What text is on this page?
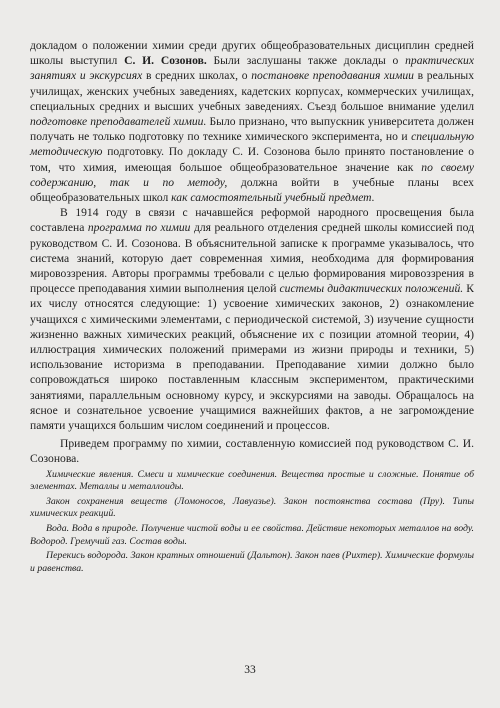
докладом о положении химии среди других общеобразовательных дисциплин средней школы выступил С. И. Созонов. Были заслушаны также доклады о практических занятиях и экскурсиях в средних школах, о постановке преподавания химии в реальных училищах, женских учебных заведениях, кадетских корпусах, коммерческих училищах, специальных средних и высших учебных заведениях. Съезд большое внимание уделил подготовке преподавателей химии. Было признано, что выпускник университета должен получать не только подготовку по технике химического эксперимента, но и специальную методическую подготовку. По докладу С. И. Созонова было принято постановление о том, что химия, имеющая большое общеобразовательное значение как по своему содержанию, так и по методу, должна войти в учебные планы всех общеобразовательных школ как самостоятельный учебный предмет.

В 1914 году в связи с начавшейся реформой народного просвещения была составлена программа по химии для реального отделения средней школы комиссией под руководством С. И. Созонова. В объяснительной записке к программе указывалось, что система знаний, которую дает современная химия, необходима для формирования мировоззрения. Авторы программы требовали с целью формирования мировоззрения в процессе преподавания химии выполнения целой системы дидактических положений. К их числу относятся следующие: 1) усвоение химических законов, 2) ознакомление учащихся с химическими элементами, с периодической системой, 3) изучение сущности жизненно важных химических реакций, объяснение их с позиции атомной теории, 4) иллюстрация химических положений примерами из жизни природы и техники, 5) использование историзма в преподавании. Преподавание химии должно было сопровождаться широко поставленным классным экспериментом, практическими занятиями, параллельным основному курсу, и экскурсиями на заводы. Обращалось на ясное и сознательное усвоение учащимися важнейших фактов, а не загромождение памяти учащихся большим числом соединений и процессов.

Приведем программу по химии, составленную комиссией под руководством С. И. Созонова.

Химические явления. Смеси и химические соединения. Вещества простые и сложные. Понятие об элементах. Металлы и металлоиды.

Закон сохранения веществ (Ломоносов, Лавуазье). Закон постоянства состава (Пру). Типы химических реакций.

Вода. Вода в природе. Получение чистой воды и ее свойства. Действие некоторых металлов на воду. Водород. Гремучий газ. Состав воды.

Перекись водорода. Закон кратных отношений (Дальтон). Закон паев (Рихтер). Химические формулы и равенства.

33
